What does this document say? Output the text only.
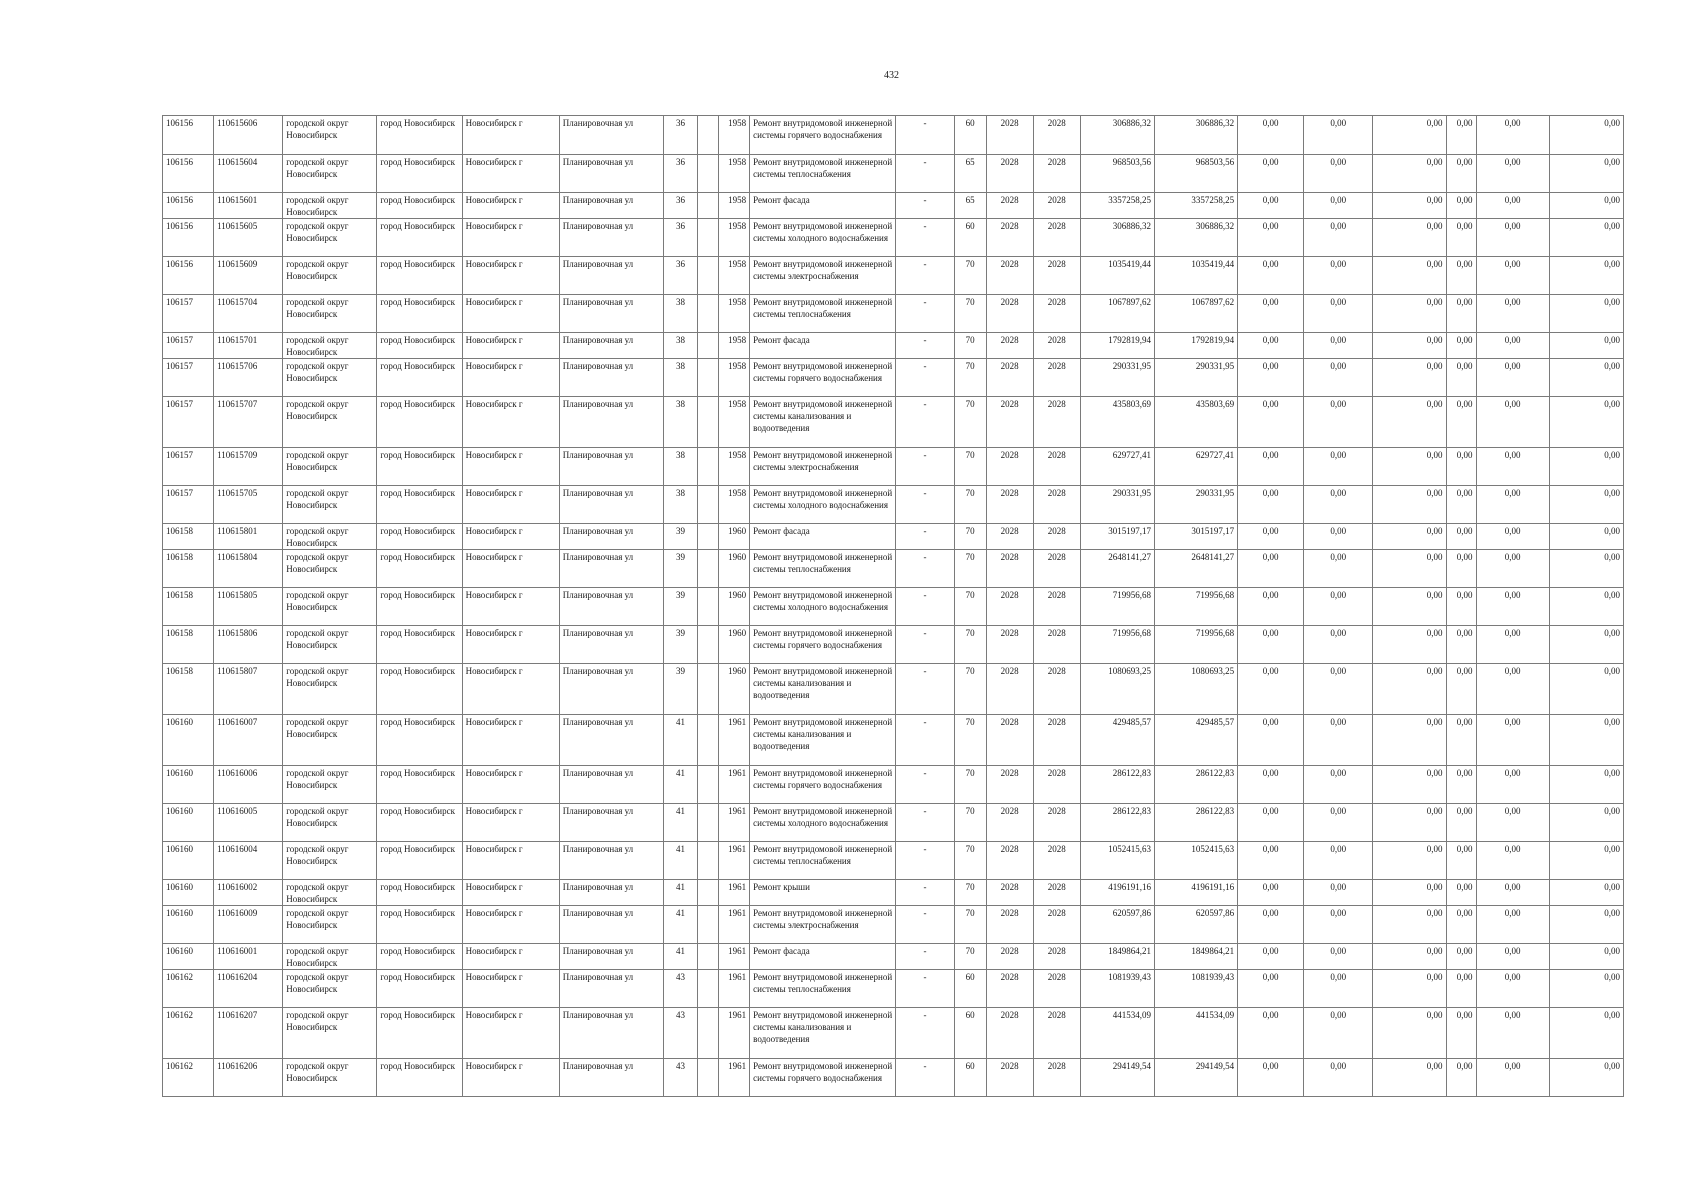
432
106156	110615606	городской округ Новосибирск	город Новосибирск	Новосибирск г	Планировочная ул	36		1958	Ремонт внутридомовой инженерной системы горячего водоснабжения	-	60	2028	2028	306886,32	306886,32	0,00	0,00	0,00	0,00	0,00	0,00
106156	110615604	городской округ Новосибирск	город Новосибирск	Новосибирск г	Планировочная ул	36		1958	Ремонт внутридомовой инженерной системы теплоснабжения	-	65	2028	2028	968503,56	968503,56	0,00	0,00	0,00	0,00	0,00	0,00
106156	110615601	городской округ Новосибирск	город Новосибирск	Новосибирск г	Планировочная ул	36		1958	Ремонт фасада	-	65	2028	2028	3357258,25	3357258,25	0,00	0,00	0,00	0,00	0,00	0,00
106156	110615605	городской округ Новосибирск	город Новосибирск	Новосибирск г	Планировочная ул	36		1958	Ремонт внутридомовой инженерной системы холодного водоснабжения	-	60	2028	2028	306886,32	306886,32	0,00	0,00	0,00	0,00	0,00	0,00
106156	110615609	городской округ Новосибирск	город Новосибирск	Новосибирск г	Планировочная ул	36		1958	Ремонт внутридомовой инженерной системы электроснабжения	-	70	2028	2028	1035419,44	1035419,44	0,00	0,00	0,00	0,00	0,00	0,00
106157	110615704	городской округ Новосибирск	город Новосибирск	Новосибирск г	Планировочная ул	38		1958	Ремонт внутридомовой инженерной системы теплоснабжения	-	70	2028	2028	1067897,62	1067897,62	0,00	0,00	0,00	0,00	0,00	0,00
106157	110615701	городской округ Новосибирск	город Новосибирск	Новосибирск г	Планировочная ул	38		1958	Ремонт фасада	-	70	2028	2028	1792819,94	1792819,94	0,00	0,00	0,00	0,00	0,00	0,00
106157	110615706	городской округ Новосибирск	город Новосибирск	Новосибирск г	Планировочная ул	38		1958	Ремонт внутридомовой инженерной системы горячего водоснабжения	-	70	2028	2028	290331,95	290331,95	0,00	0,00	0,00	0,00	0,00	0,00
106157	110615707	городской округ Новосибирск	город Новосибирск	Новосибирск г	Планировочная ул	38		1958	Ремонт внутридомовой инженерной системы канализования и водоотведения	-	70	2028	2028	435803,69	435803,69	0,00	0,00	0,00	0,00	0,00	0,00
106157	110615709	городской округ Новосибирск	город Новосибирск	Новосибирск г	Планировочная ул	38		1958	Ремонт внутридомовой инженерной системы электроснабжения	-	70	2028	2028	629727,41	629727,41	0,00	0,00	0,00	0,00	0,00	0,00
106157	110615705	городской округ Новосибирск	город Новосибирск	Новосибирск г	Планировочная ул	38		1958	Ремонт внутридомовой инженерной системы холодного водоснабжения	-	70	2028	2028	290331,95	290331,95	0,00	0,00	0,00	0,00	0,00	0,00
106158	110615801	городской округ Новосибирск	город Новосибирск	Новосибирск г	Планировочная ул	39		1960	Ремонт фасада	-	70	2028	2028	3015197,17	3015197,17	0,00	0,00	0,00	0,00	0,00	0,00
106158	110615804	городской округ Новосибирск	город Новосибирск	Новосибирск г	Планировочная ул	39		1960	Ремонт внутридомовой инженерной системы теплоснабжения	-	70	2028	2028	2648141,27	2648141,27	0,00	0,00	0,00	0,00	0,00	0,00
106158	110615805	городской округ Новосибирск	город Новосибирск	Новосибирск г	Планировочная ул	39		1960	Ремонт внутридомовой инженерной системы холодного водоснабжения	-	70	2028	2028	719956,68	719956,68	0,00	0,00	0,00	0,00	0,00	0,00
106158	110615806	городской округ Новосибирск	город Новосибирск	Новосибирск г	Планировочная ул	39		1960	Ремонт внутридомовой инженерной системы горячего водоснабжения	-	70	2028	2028	719956,68	719956,68	0,00	0,00	0,00	0,00	0,00	0,00
106158	110615807	городской округ Новосибирск	город Новосибирск	Новосибирск г	Планировочная ул	39		1960	Ремонт внутридомовой инженерной системы канализования и водоотведения	-	70	2028	2028	1080693,25	1080693,25	0,00	0,00	0,00	0,00	0,00	0,00
106160	110616007	городской округ Новосибирск	город Новосибирск	Новосибирск г	Планировочная ул	41		1961	Ремонт внутридомовой инженерной системы канализования и водоотведения	-	70	2028	2028	429485,57	429485,57	0,00	0,00	0,00	0,00	0,00	0,00
106160	110616006	городской округ Новосибирск	город Новосибирск	Новосибирск г	Планировочная ул	41		1961	Ремонт внутридомовой инженерной системы горячего водоснабжения	-	70	2028	2028	286122,83	286122,83	0,00	0,00	0,00	0,00	0,00	0,00
106160	110616005	городской округ Новосибирск	город Новосибирск	Новосибирск г	Планировочная ул	41		1961	Ремонт внутридомовой инженерной системы холодного водоснабжения	-	70	2028	2028	286122,83	286122,83	0,00	0,00	0,00	0,00	0,00	0,00
106160	110616004	городской округ Новосибирск	город Новосибирск	Новосибирск г	Планировочная ул	41		1961	Ремонт внутридомовой инженерной системы теплоснабжения	-	70	2028	2028	1052415,63	1052415,63	0,00	0,00	0,00	0,00	0,00	0,00
106160	110616002	городской округ Новосибирск	город Новосибирск	Новосибирск г	Планировочная ул	41		1961	Ремонт крыши	-	70	2028	2028	4196191,16	4196191,16	0,00	0,00	0,00	0,00	0,00	0,00
106160	110616009	городской округ Новосибирск	город Новосибирск	Новосибирск г	Планировочная ул	41		1961	Ремонт внутридомовой инженерной системы электроснабжения	-	70	2028	2028	620597,86	620597,86	0,00	0,00	0,00	0,00	0,00	0,00
106160	110616001	городской округ Новосибирск	город Новосибирск	Новосибирск г	Планировочная ул	41		1961	Ремонт фасада	-	70	2028	2028	1849864,21	1849864,21	0,00	0,00	0,00	0,00	0,00	0,00
106162	110616204	городской округ Новосибирск	город Новосибирск	Новосибирск г	Планировочная ул	43		1961	Ремонт внутридомовой инженерной системы теплоснабжения	-	60	2028	2028	1081939,43	1081939,43	0,00	0,00	0,00	0,00	0,00	0,00
106162	110616207	городской округ Новосибирск	город Новосибирск	Новосибирск г	Планировочная ул	43		1961	Ремонт внутридомовой инженерной системы канализования и водоотведения	-	60	2028	2028	441534,09	441534,09	0,00	0,00	0,00	0,00	0,00	0,00
106162	110616206	городской округ Новосибирск	город Новосибирск	Новосибирск г	Планировочная ул	43		1961	Ремонт внутридомовой инженерной системы горячего водоснабжения	-	60	2028	2028	294149,54	294149,54	0,00	0,00	0,00	0,00	0,00	0,00
